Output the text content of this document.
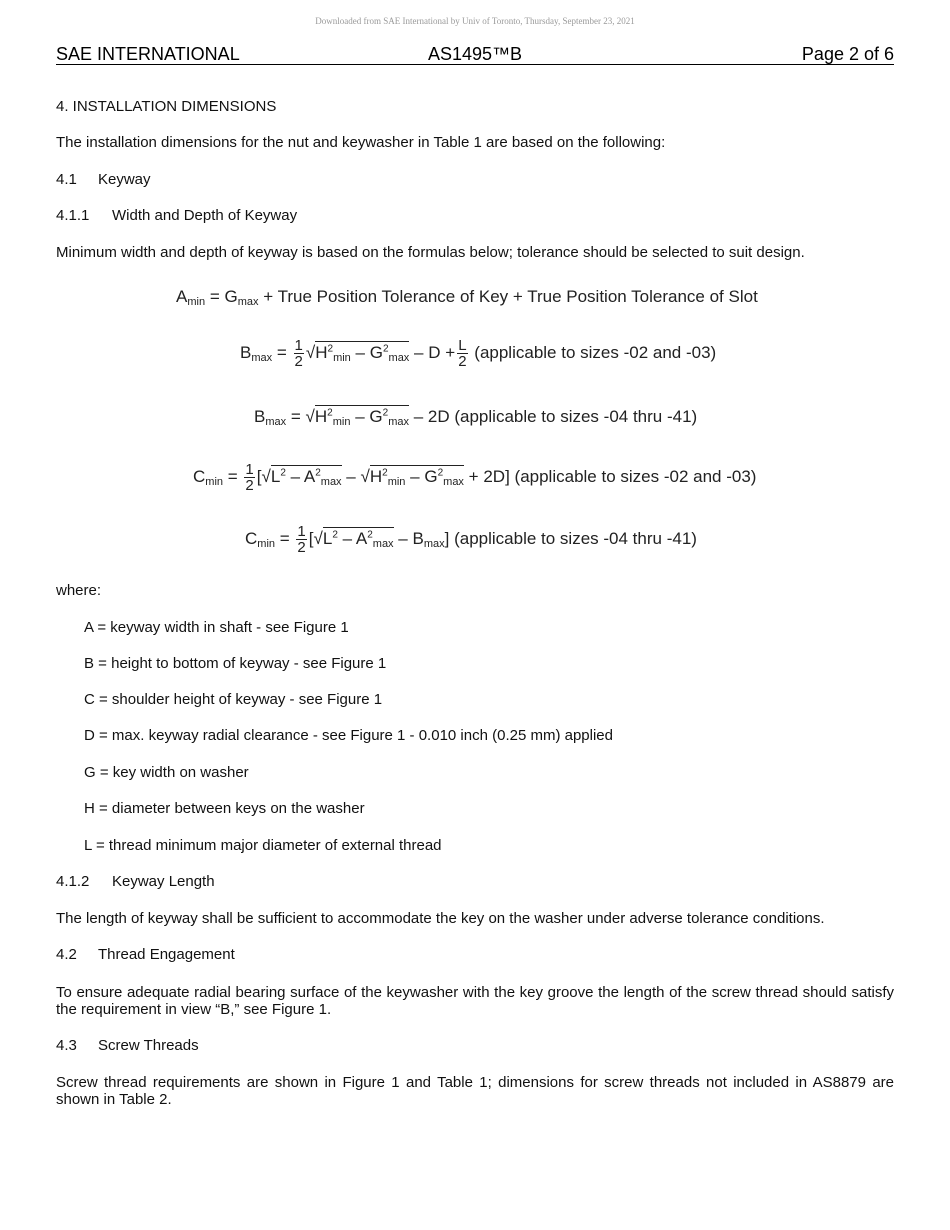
Downloaded from SAE International by Univ of Toronto, Thursday, September 23, 2021
SAE INTERNATIONAL	AS1495™B	Page 2 of 6
4. INSTALLATION DIMENSIONS
The installation dimensions for the nut and keywasher in Table 1 are based on the following:
4.1 Keyway
4.1.1 Width and Depth of Keyway
Minimum width and depth of keyway is based on the formulas below; tolerance should be selected to suit design.
$A_{min} = G_{max}$ + True Position Tolerance of Key + True Position Tolerance of Slot
$B_{max} = \frac{1}{2} √H^2_{min} - G^2_{max} - D + \frac{L}{2}$ (applicable to sizes -02 and -03)
$B_{max} = √H^2_{min} - G^2_{max} - 2D$ (applicable to sizes -04 thru -41)
$C_{min} = \frac{1}{2} [√L^2 - A^2_{max} - √H^2_{min} - G^2_{max} + 2D]$ (applicable to sizes -02 and -03)
$C_{min} = \frac{1}{2} [√L^2 - A^2_{max} - B_{max}]$ (applicable to sizes -04 thru -41)
where:
A = keyway width in shaft - see Figure 1
B = height to bottom of keyway - see Figure 1
C = shoulder height of keyway - see Figure 1
D = max. keyway radial clearance - see Figure 1 - 0.010 inch (0.25 mm) applied
G = key width on washer
H = diameter between keys on the washer
L = thread minimum major diameter of external thread
4.1.2 Keyway Length
The length of keyway shall be sufficient to accommodate the key on the washer under adverse tolerance conditions.
4.2 Thread Engagement
To ensure adequate radial bearing surface of the keywasher with the key groove the length of the screw thread should satisfy the requirement in view “B,” see Figure 1.
4.3 Screw Threads
Screw thread requirements are shown in Figure 1 and Table 1; dimensions for screw threads not included in AS8879 are shown in Table 2.
